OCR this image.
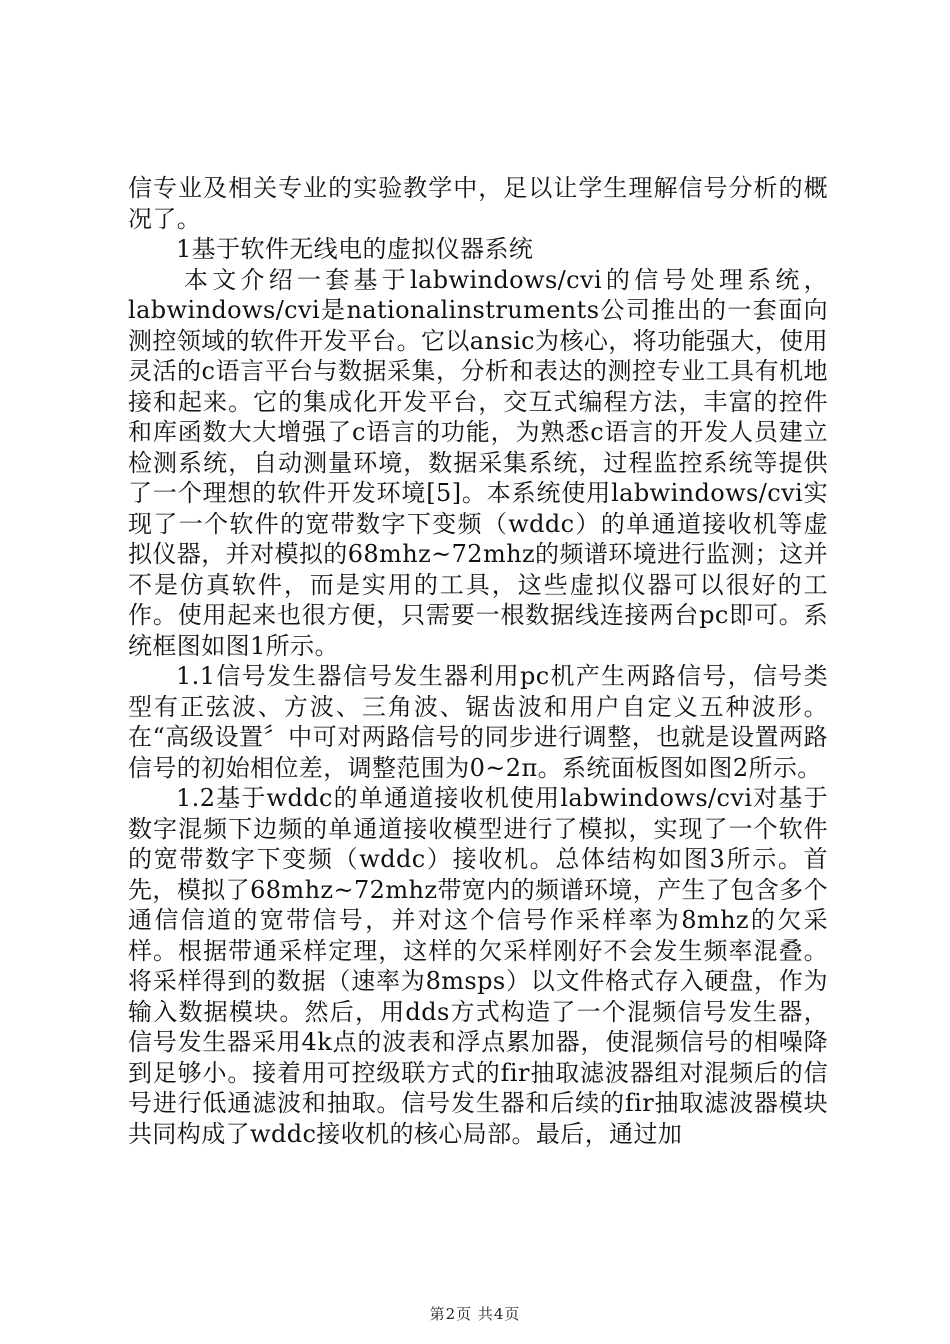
信专业及相关专业的实验教学中，足以让学生理解信号分析的概况了。

1基于软件无线电的虚拟仪器系统

本文介绍一套基于labwindows/cvi的信号处理系统，labwindows/cvi是nationalinstruments公司推出的一套面向测控领域的软件开发平台。它以ansic为核心，将功能强大，使用灵活的c语言平台与数据采集，分析和表达的测控专业工具有机地接和起来。它的集成化开发平台，交互式编程方法，丰富的控件和库函数大大增强了c语言的功能，为熟悉c语言的开发人员建立检测系统，自动测量环境，数据采集系统，过程监控系统等提供了一个理想的软件开发环境[5]。本系统使用labwindows/cvi实现了一个软件的宽带数字下变频（wddc）的单通道接收机等虚拟仪器，并对模拟的68mhz~72mhz的频谱环境进行监测；这并不是仿真软件，而是实用的工具，这些虚拟仪器可以很好的工作。使用起来也很方便，只需要一根数据线连接两台pc即可。系统框图如图1所示。

1.1信号发生器信号发生器利用pc机产生两路信号，信号类型有正弦波、方波、三角波、锯齿波和用户自定义五种波形。在“高级设置〞中可对两路信号的同步进行调整，也就是设置两路信号的初始相位差，调整范围为0~2π。系统面板图如图2所示。

1.2基于wddc的单通道接收机使用labwindows/cvi对基于数字混频下边频的单通道接收模型进行了模拟，实现了一个软件的宽带数字下变频（wddc）接收机。总体结构如图3所示。首先，模拟了68mhz~72mhz带宽内的频谱环境，产生了包含多个通信信道的宽带信号，并对这个信号作采样率为8mhz的欠采样。根据带通采样定理，这样的欠采样刚好不会发生频率混叠。将采样得到的数据（速率为8msps）以文件格式存入硬盘，作为输入数据模块。然后，用dds方式构造了一个混频信号发生器，信号发生器采用4k点的波表和浮点累加器，使混频信号的相噪降到足够小。接着用可控级联方式的fir抽取滤波器组对混频后的信号进行低通滤波和抽取。信号发生器和后续的fir抽取滤波器模块共同构成了wddc接收机的核心局部。最后，通过加

第2页 共4页
